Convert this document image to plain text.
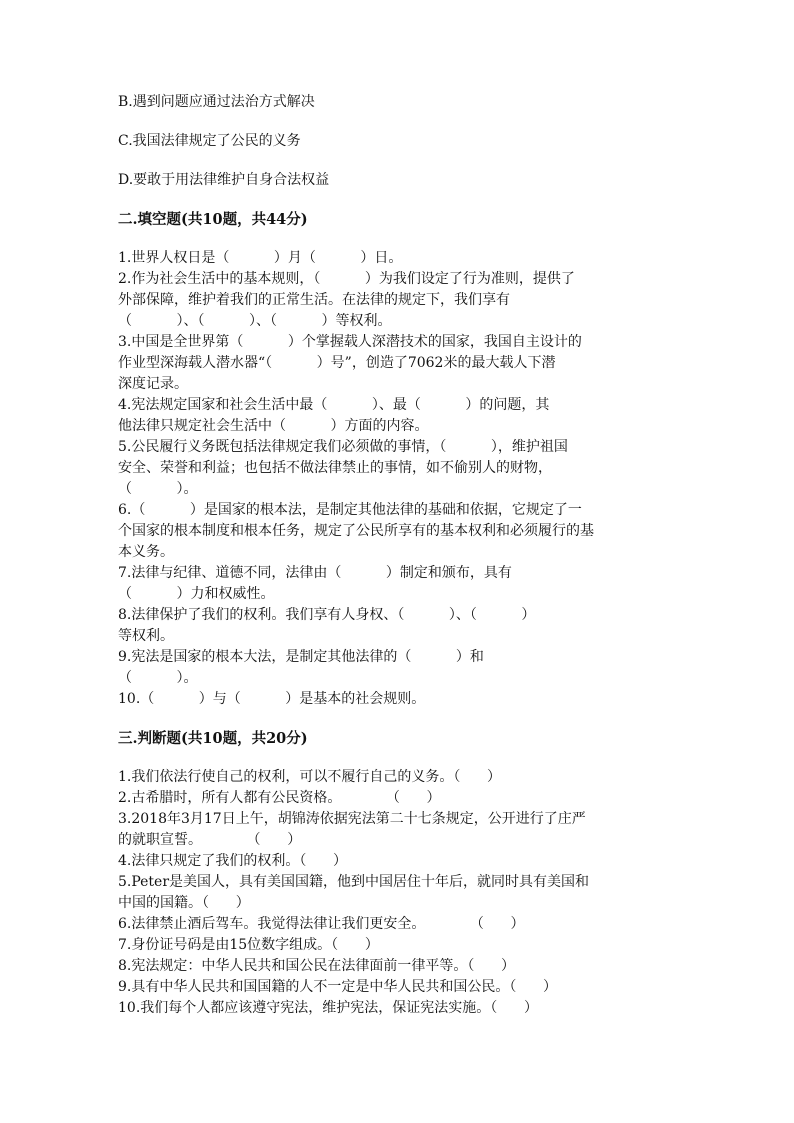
B.遇到问题应通过法治方式解决

C.我国法律规定了公民的义务

D.要敢于用法律维护自身合法权益

二.填空题(共10题，共44分)

1.世界人权日是（          ）月（          ）日。

2.作为社会生活中的基本规则，（          ）为我们设定了行为准则，提供了
外部保障，维护着我们的正常生活。在法律的规定下，我们享有
（          ）、（          ）、（          ）等权利。

3.中国是全世界第（          ）个掌握载人深潜技术的国家，我国自主设计的
作业型深海载人潜水器“（          ）号”，创造了7062米的最大载人下潜
深度记录。

4.宪法规定国家和社会生活中最（          ）、最（          ）的问题，其
他法律只规定社会生活中（          ）方面的内容。

5.公民履行义务既包括法律规定我们必须做的事情，（          ），维护祖国
安全、荣誉和利益；也包括不做法律禁止的事情，如不偷别人的财物，
（          ）。

6.（          ）是国家的根本法，是制定其他法律的基础和依据，它规定了一
个国家的根本制度和根本任务，规定了公民所享有的基本权利和必须履行的基
本义务。

7.法律与纪律、道德不同，法律由（          ）制定和颁布，具有
（          ）力和权威性。

8.法律保护了我们的权利。我们享有人身权、（          ）、（          ）
等权利。

9.宪法是国家的根本大法，是制定其他法律的（          ）和
（          ）。

10.（          ）与（          ）是基本的社会规则。

三.判断题(共10题，共20分)

1.我们依法行使自己的权利，可以不履行自己的义务。（      ）

2.古希腊时，所有人都有公民资格。          （      ）

3.2018年3月17日上午，胡锦涛依据宪法第二十七条规定，公开进行了庄严
的就职宣誓。          （      ）

4.法律只规定了我们的权利。（      ）

5.Peter是美国人，具有美国国籍，他到中国居住十年后，就同时具有美国和
中国的国籍。（      ）

6.法律禁止酒后驾车。我觉得法律让我们更安全。          （      ）

7.身份证号码是由15位数字组成。（      ）

8.宪法规定：中华人民共和国公民在法律面前一律平等。（      ）

9.具有中华人民共和国国籍的人不一定是中华人民共和国公民。（      ）

10.我们每个人都应该遵守宪法，维护宪法，保证宪法实施。（      ）
